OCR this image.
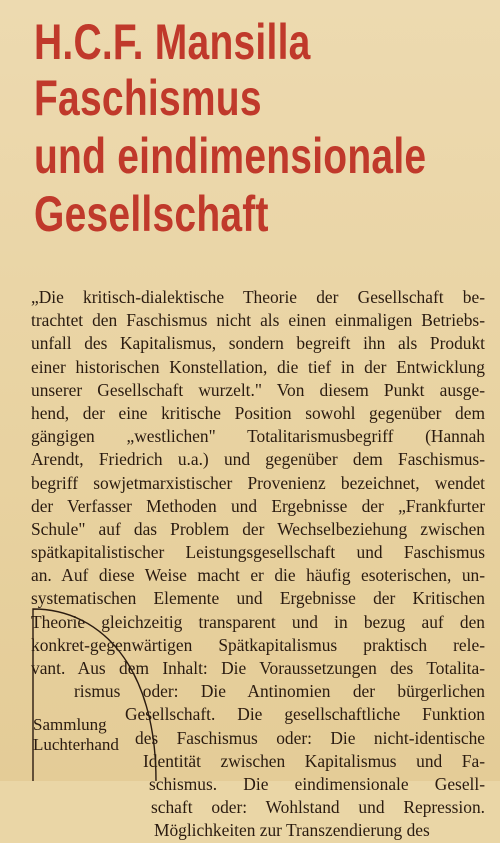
H.C.F. Mansilla
Faschismus
und eindimensionale
Gesellschaft
„Die kritisch-dialektische Theorie der Gesellschaft be-
trachtet den Faschismus nicht als einen einmaligen Betriebs-
unfall des Kapitalismus, sondern begreift ihn als Produkt
einer historischen Konstellation, die tief in der Entwicklung
unserer Gesellschaft wurzelt." Von diesem Punkt ausge-
hend, der eine kritische Position sowohl gegenüber dem
gängigen „westlichen" Totalitarismusbegriff (Hannah
Arendt, Friedrich u.a.) und gegenüber dem Faschismus-
begriff sowjetmarxistischer Provenienz bezeichnet, wendet
der Verfasser Methoden und Ergebnisse der „Frankfurter
Schule" auf das Problem der Wechselbeziehung zwischen
spätkapitalistischer Leistungsgesellschaft und Faschismus
an. Auf diese Weise macht er die häufig esoterischen, un-
systematischen Elemente und Ergebnisse der Kritischen
Theorie gleichzeitig transparent und in bezug auf den
konkret-gegenwärtigen Spätkapitalismus praktisch rele-
vant. Aus dem Inhalt: Die Voraussetzungen des Totalita-
rismus oder: Die Antinomien der bürgerlichen
Gesellschaft. Die gesellschaftliche Funktion
des Faschismus oder: Die nicht-identische
Identität zwischen Kapitalismus und Fa-
schismus. Die eindimensionale Gesell-
schaft oder: Wohlstand und Repression.
Möglichkeiten zur Transzendierung des
Sammlung
Luchterhand
